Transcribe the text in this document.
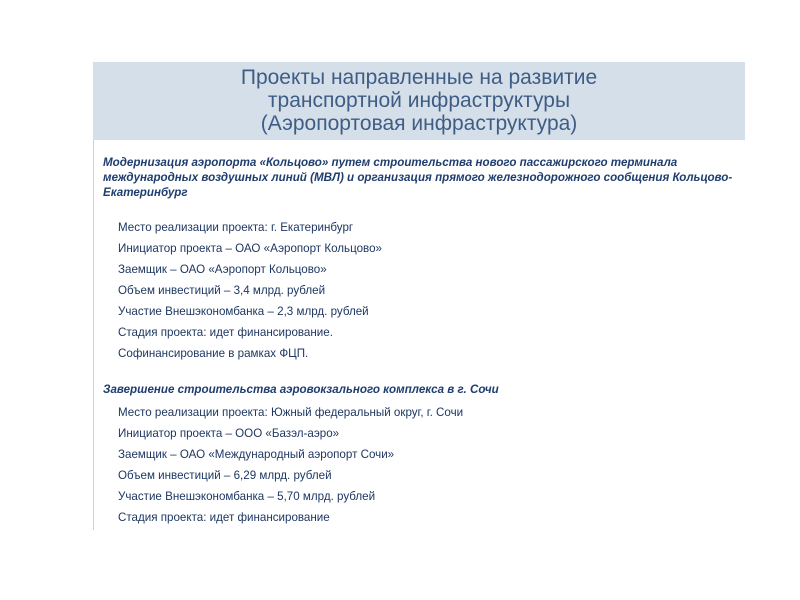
Проекты направленные на развитие
транспортной инфраструктуры
(Аэропортовая инфраструктура)
Модернизация аэропорта «Кольцово» путем строительства нового пассажирского терминала международных воздушных линий (МВЛ) и организация прямого железнодорожного сообщения Кольцово-Екатеринбург
Место реализации проекта: г. Екатеринбург
Инициатор проекта – ОАО «Аэропорт Кольцово»
Заемщик – ОАО «Аэропорт Кольцово»
Объем инвестиций – 3,4 млрд. рублей
Участие Внешэкономбанка – 2,3 млрд. рублей
Стадия проекта: идет финансирование.
Софинансирование в рамках ФЦП.
Завершение строительства аэровокзального комплекса в г. Сочи
Место реализации проекта: Южный федеральный округ, г. Сочи
Инициатор проекта – ООО «Базэл-аэро»
Заемщик – ОАО «Международный аэропорт Сочи»
Объем инвестиций – 6,29 млрд. рублей
Участие Внешэкономбанка – 5,70 млрд. рублей
Стадия проекта: идет финансирование
